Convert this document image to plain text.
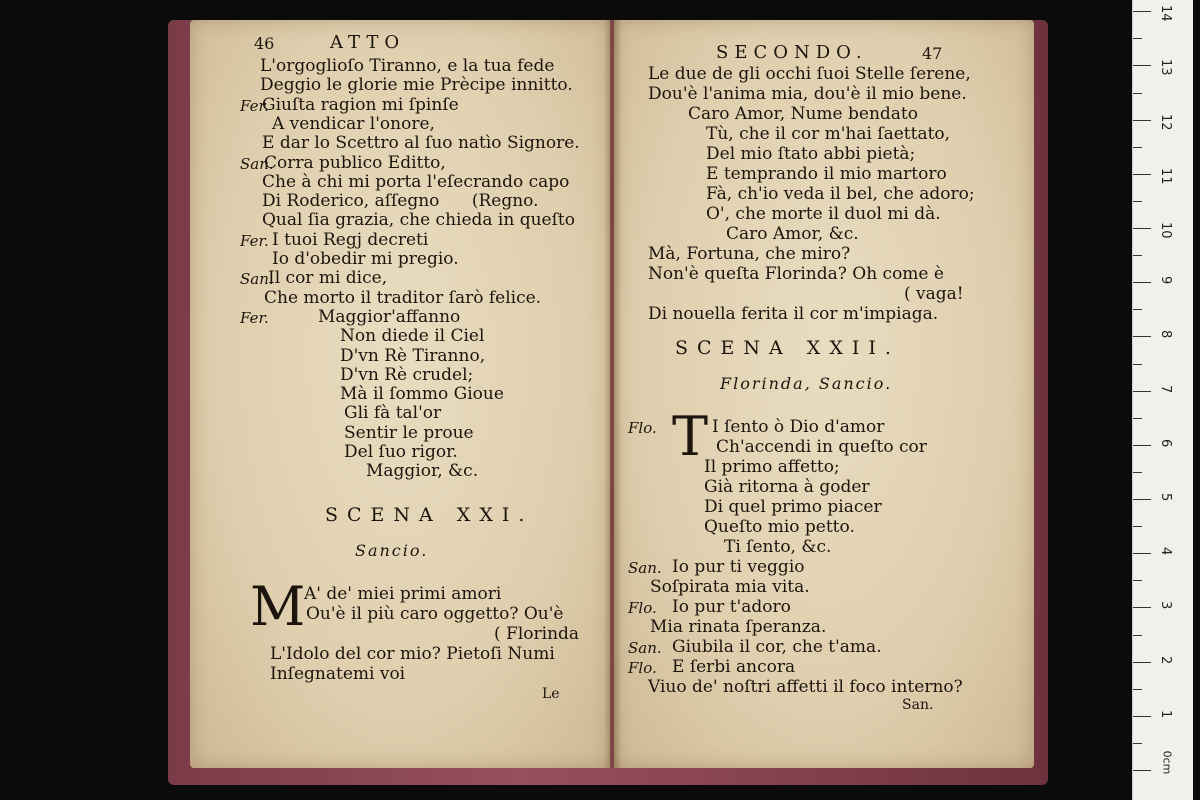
46	ATTO
L'orgoglioſo Tiranno, e la tua fede
Deggio le glorie mie Prècipe innitto.
Fer.
Giuſta ragion mi ſpinſe
A vendicar l'onore,
E dar lo Scettro al ſuo natìo Signore.
San.
Corra publico Editto,
Che à chi mi porta l'eſecrando capo
Di Roderico, aſſegno      (Regno.
Qual ſia grazia, che chieda in queſto
Fer. I tuoi Regj decreti
Io d'obedir mi pregio.
San.
Il cor mi dice,
Che morto il traditor ſarò felice.
Fer.	Maggior'affanno
Non diede il Ciel
D'vn Rè Tiranno,
D'vn Rè crudel;
Mà il ſommo Gioue
Gli fà tal'or
Sentir le proue
Del ſuo rigor.
Maggior, &c.
SCENA XXI.
Sancio.
M
A' de' miei primi amori
Ou'è il più caro oggetto? Ou'è
( Florinda
L'Idolo del cor mio? Pietoſi Numi
Inſegnatemi voi
Le
SECONDO.	47
Le due de gli occhi ſuoi Stelle ſerene,
Dou'è l'anima mia, dou'è il mio bene.
Caro Amor, Nume bendato
Tù, che il cor m'hai ſaettato,
Del mio ſtato abbi pietà;
E temprando il mio martoro
Fà, ch'io veda il bel, che adoro;
O', che morte il duol mi dà.
Caro Amor, &c.
Mà, Fortuna, che miro?
Non'è queſta Florinda? Oh come è
( vaga!
Di nouella ferita il cor m'impiaga.
SCENA XXII.
Florinda, Sancio.
T
Flo.	I ſento ò Dio d'amor
Ch'accendi in queſto cor
Il primo affetto;
Già ritorna à goder
Di quel primo piacer
Queſto mio petto.
Ti ſento, &c.
San. Io pur ti veggio
Soſpirata mia vita.
Flo. Io pur t'adoro
Mia rinata ſperanza.
San. Giubila il cor, che t'ama.
Flo. E ſerbi ancora
Viuo de' noſtri affetti il foco interno?
San.
1
2
3
4
5
6
7
8
9
10
11
12
13
14
0cm
